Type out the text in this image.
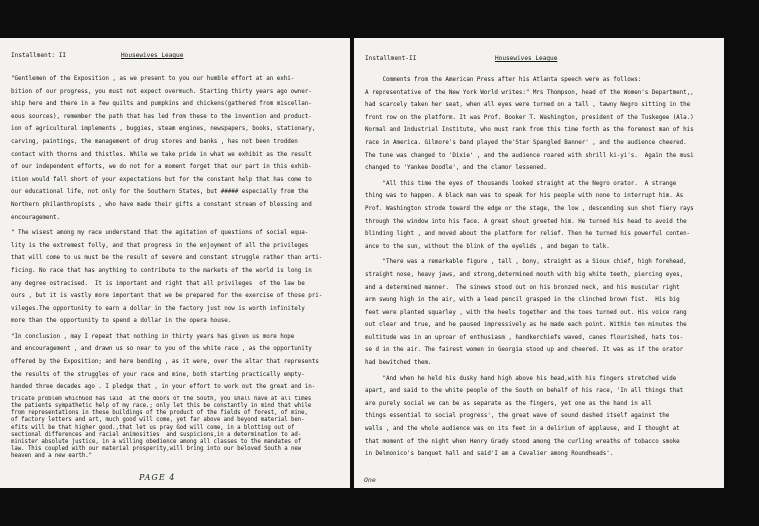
Installment: II	Housewives League

"Gentlemen of the Exposition , as we present to you our humble effort at an exhi-
bition of our progress, you must not expect overmuch. Starting thirty years ago owner-
ship here and there in a few quilts and pumpkins and chickens(gathered from miscellan-
eous sources), remember the path that has led from these to the invention and product-
ion of agricultural implements , buggies, steam engines, newspapers, books, stationary,
carving, paintings, the management of drug stores and banks , has not been trodden
contact with thorns and thistles. While we take pride in what we exhibit as the result
of our independent efforts, we do not for a moment forget that our part in this exhib-
ition would fall short of your expectations but for the constant help that has come to
our educational life, not only for the Southern States, but ##### especially from the
Northern philanthropists , who have made their gifts a constant stream of blessing and
encouragement.

" The wisest among my race understand that the agitation of questions of social equa-
lity is the extremest folly, and that progress in the enjoyment of all the privileges
that will come to us must be the result of severe and constant struggle rather than arti-
ficing. No race that has anything to contribute to the markets of the world is long in
any degree ostracised.  It is important and right that all privileges  of the law be
ours , but it is vastly more important that we be prepared for the exercise of those pri-
vileges.The opportunity to earn a dollar in the factory just now is worth infinitely
more than the opportunity to spend a dollar in the opera house.

"In conclusion , may I repeat that nothing in thirty years has given us more hope
and encouragement , and drawn us so near to you of the white race , as the opportunity
offered by the Exposition; and here bending , as it were, over the altar that represents
the results of the struggles of your race and mine, both starting practically empty-
handed three decades ago . I pledge that , in your effort to work out the great and in-

tricate problem whichGod has laid  at the doors of the South, you shall have at all times
the patients sympathetic help of my race.; only let this be constantly in mind that while
from representations in these buildings of the product of the fields of forest, of mine,
of factory letters and art, much good will come, yet far above and beyond material ben-
efits will be that higher good.,that let us pray God will come, in a blotting out of
sectional differences and racial animosities  and suspicions,in a determination to ad-
minister absolute justice, in a willing obedience among all classes to the mandates of
law. This coupled with our material prosperity,will bring into our beloved South a new
heaven and a new earth."

PAGE 4
Installment-II	Housewives League

Comments from the American Press after his Atlanta speech were as follows:
A representative of the New York World writes:" Mrs Thompson, head of the Women's Department,,
had scarcely taken her seat, when all eyes were turned on a tall , tawny Negro sitting in the
front row on the platform. It was Prof. Booker T. Washington, president of the Tuskegee (Ala.)
Normal and Industrial Institute, who must rank from this time forth as the foremost man of his
race in America. Gilmore's band played the'Star Spangled Banner' , and the audience cheered.
The tune was changed to 'Dixie' , and the audience roared with shrill ki-yi's.  Again the musi
changed to 'Yankee Doodle', and the clamor lessened.

"All this time the eyes of thousands looked straight at the Negro orator.  A strange
thing was to happen. A black man was to speak for his people with none to interrupt him. As
Prof. Washington strode toward the edge or the stage, the low , descending sun shot fiery rays
through the window into his face. A great shout greeted him. He turned his head to avoid the
blinding light , and moved about the platform for relief. Then he turned his powerful conten-
ance to the sun, without the blink of the eyelids , and began to talk.

"There was a remarkable figure , tall , bony, straight as a Sioux chief, high forehead,
straight nose, heavy jaws, and strong,determined mouth with big white teeth, piercing eyes,
and a determined manner.  The sinews stood out on his bronzed neck, and his muscular right
arm swung high in the air, with a lead pencil grasped in the clinched brown fist.  His big
feet were planted squarley , with the heels together and the toes turned out. His voice rang
out clear and true, and he paused impressively as he made each point. Within ten minutes the
multitude was in an uproar of enthusiasm , handkerchiefs waved, canes flourished, hats tos-
se d in the air. The fairest women in Georgia stood up and cheered. It was as if the orator
had bewitched them.

"And when he held his dusky hand high above his head,with his fingers stretched wide
apart, and said to the white people of the South on behalf of his race, 'In all things that
are purely social we can be as separate as the fingers, yet one as the hand in all
things essential to social progress', the great wave of sound dashed itself against the
walls , and the whole audience was on its feet in a delirium of applause, and I thought at
that moment of the night when Henry Grady stood among the curling wreaths of tobacco smoke
in Delmonico's banquet hall and said'I am a Cavalier among Roundheads'.

One
